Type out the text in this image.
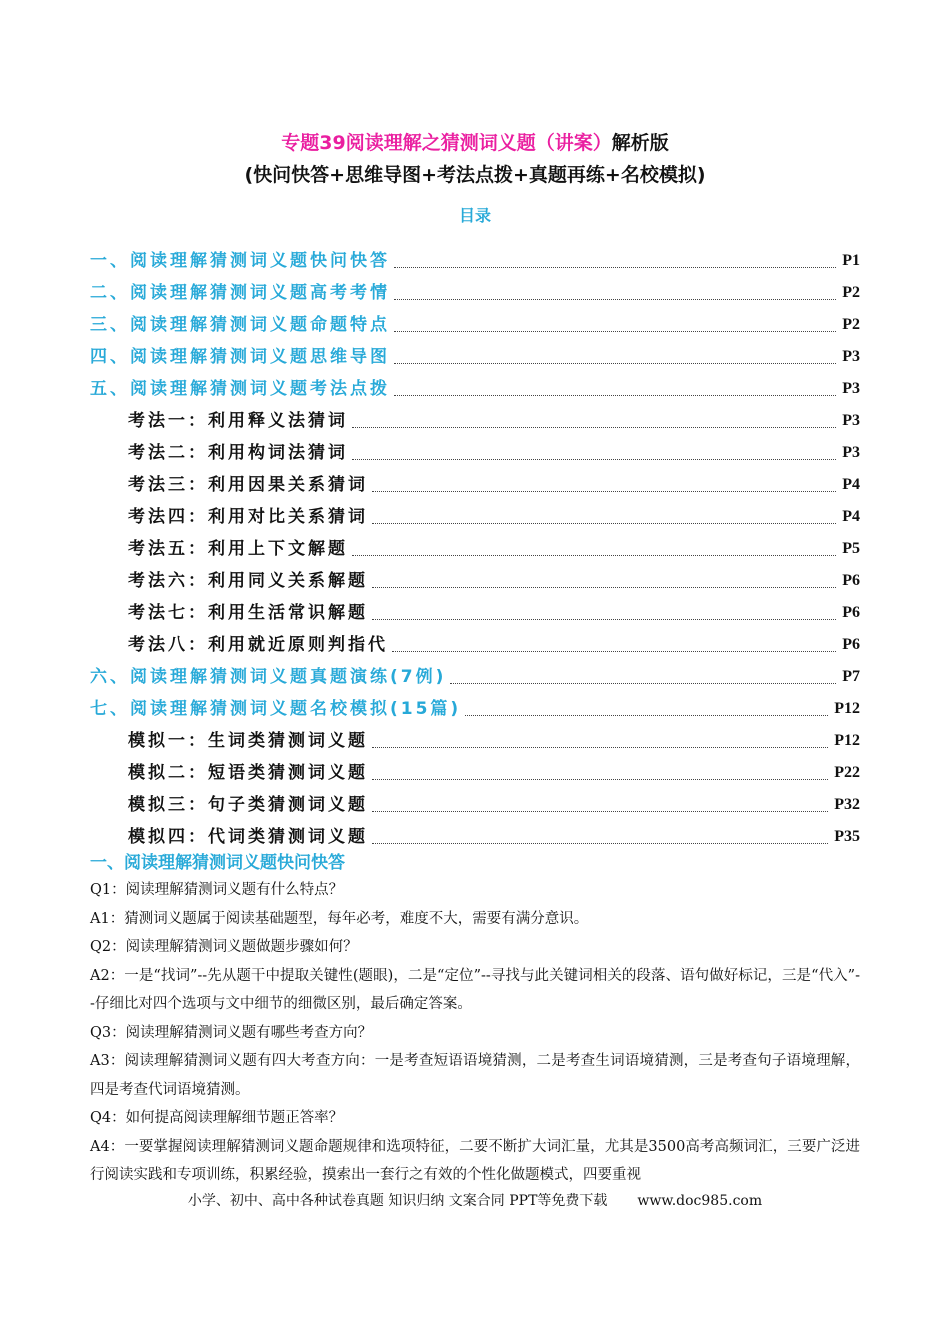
专题39阅读理解之猜测词义题（讲案）解析版
(快问快答+思维导图+考法点拨+真题再练+名校模拟)
目录
一、阅读理解猜测词义题快问快答	P1
二、阅读理解猜测词义题高考考情	P2
三、阅读理解猜测词义题命题特点	P2
四、阅读理解猜测词义题思维导图	P3
五、阅读理解猜测词义题考法点拨	P3
考法一：利用释义法猜词	P3
考法二：利用构词法猜词	P3
考法三：利用因果关系猜词	P4
考法四：利用对比关系猜词	P4
考法五：利用上下文解题	P5
考法六：利用同义关系解题	P6
考法七：利用生活常识解题	P6
考法八：利用就近原则判指代	P6
六、阅读理解猜测词义题真题演练(7例)	P7
七、阅读理解猜测词义题名校模拟(15篇)	P12
模拟一：生词类猜测词义题	P12
模拟二：短语类猜测词义题	P22
模拟三：句子类猜测词义题	P32
模拟四：代词类猜测词义题	P35
一、阅读理解猜测词义题快问快答

Q1：阅读理解猜测词义题有什么特点？

A1：猜测词义题属于阅读基础题型，每年必考，难度不大，需要有满分意识。

Q2：阅读理解猜测词义题做题步骤如何？

A2：一是“找词”--先从题干中提取关键性(题眼)，二是“定位”--寻找与此关键词相关的段落、语句做好标记，三是“代入”--仔细比对四个选项与文中细节的细微区别，最后确定答案。

Q3：阅读理解猜测词义题有哪些考查方向？

A3：阅读理解猜测词义题有四大考查方向：一是考查短语语境猜测，二是考查生词语境猜测，三是考查句子语境理解，四是考查代词语境猜测。

Q4：如何提高阅读理解细节题正答率？

A4：一要掌握阅读理解猜测词义题命题规律和选项特征，二要不断扩大词汇量，尤其是3500高考高频词汇，三要广泛进行阅读实践和专项训练，积累经验，摸索出一套行之有效的个性化做题模式，四要重视

小学、初中、高中各种试卷真题 知识归纳 文案合同 PPT等免费下载 www.doc985.com
